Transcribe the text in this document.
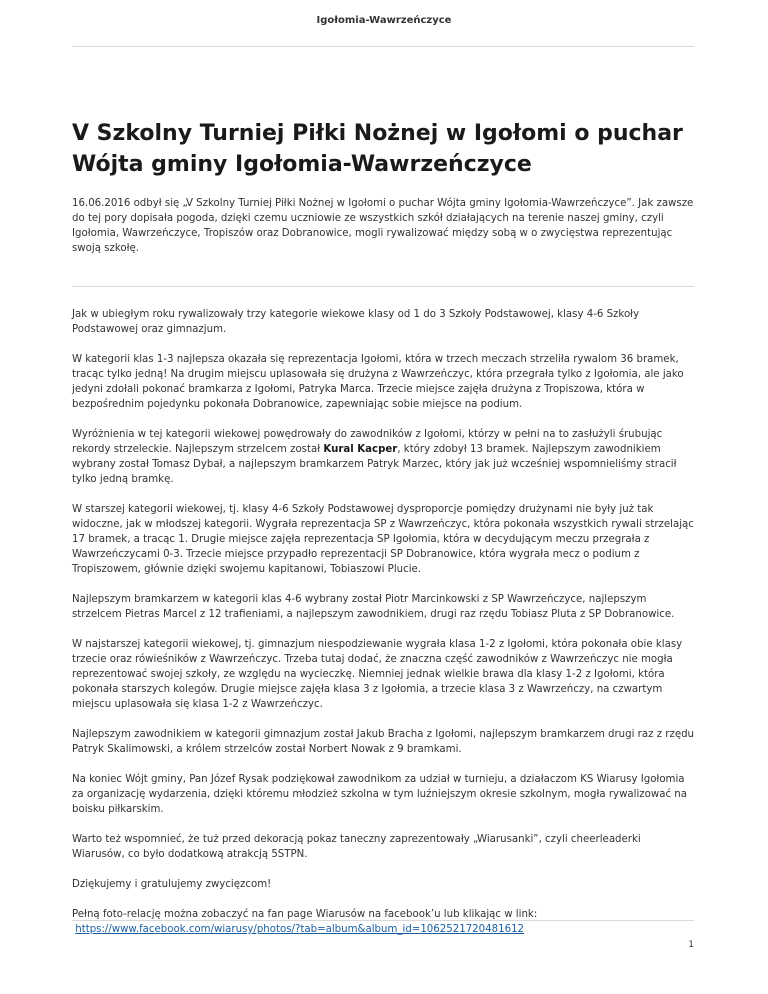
Igołomia-Wawrzeńczyce
V Szkolny Turniej Piłki Nożnej w Igołomi o puchar Wójta gminy Igołomia-Wawrzeńczyce

16.06.2016 odbył się „V Szkolny Turniej Piłki Nożnej w Igołomi o puchar Wójta gminy Igołomia-Wawrzeńczyce”. Jak zawsze do tej pory dopisała pogoda, dzięki czemu uczniowie ze wszystkich szkół działających na terenie naszej gminy, czyli Igołomia, Wawrzeńczyce, Tropiszów oraz Dobranowice, mogli rywalizować między sobą w o zwycięstwa reprezentując swoją szkołę.

Jak w ubiegłym roku rywalizowały trzy kategorie wiekowe klasy od 1 do 3 Szkoły Podstawowej, klasy 4-6 Szkoły Podstawowej oraz gimnazjum.

W kategorii klas 1-3 najlepsza okazała się reprezentacja Igołomi, która w trzech meczach strzeliła rywalom 36 bramek, tracąc tylko jedną! Na drugim miejscu uplasowała się drużyna z Wawrzeńczyc, która przegrała tylko z Igołomia, ale jako jedyni zdołali pokonać bramkarza z Igołomi, Patryka Marca. Trzecie miejsce zajęła drużyna z Tropiszowa, która w bezpośrednim pojedynku pokonała Dobranowice, zapewniając sobie miejsce na podium.

Wyróżnienia w tej kategorii wiekowej powędrowały do zawodników z Igołomi, którzy w pełni na to zasłużyli śrubując rekordy strzeleckie. Najlepszym strzelcem został Kural Kacper, który zdobył 13 bramek. Najlepszym zawodnikiem wybrany został Tomasz Dybał, a najlepszym bramkarzem Patryk Marzec, który jak już wcześniej wspomnieliśmy stracił tylko jedną bramkę.

W starszej kategorii wiekowej, tj. klasy 4-6 Szkoły Podstawowej dysproporcje pomiędzy drużynami nie były już tak widoczne, jak w młodszej kategorii. Wygrała reprezentacja SP z Wawrzeńczyc, która pokonała wszystkich rywali strzelając 17 bramek, a tracąc 1. Drugie miejsce zajęła reprezentacja SP Igołomia, która w decydującym meczu przegrała z Wawrzeńczycami 0-3. Trzecie miejsce przypadło reprezentacji SP Dobranowice, która wygrała mecz o podium z Tropiszowem, głównie dzięki swojemu kapitanowi, Tobiaszowi Plucie.

Najlepszym bramkarzem w kategorii klas 4-6 wybrany został Piotr Marcinkowski z SP Wawrzeńczyce, najlepszym strzelcem Pietras Marcel z 12 trafieniami, a najlepszym zawodnikiem, drugi raz rzędu Tobiasz Pluta z SP Dobranowice.

W najstarszej kategorii wiekowej, tj. gimnazjum niespodziewanie wygrała klasa 1-2 z Igołomi, która pokonała obie klasy trzecie oraz rówieśników z Wawrzeńczyc. Trzeba tutaj dodać, że znaczna część zawodników z Wawrzeńczyc nie mogła reprezentować swojej szkoły, ze względu na wycieczkę. Niemniej jednak wielkie brawa dla klasy 1-2 z Igołomi, która pokonała starszych kolegów. Drugie miejsce zajęła klasa 3 z Igołomia, a trzecie klasa 3 z Wawrzeńczy, na czwartym miejscu uplasowała się klasa 1-2 z Wawrzeńczyc.

Najlepszym zawodnikiem w kategorii gimnazjum został Jakub Bracha z Igołomi, najlepszym bramkarzem drugi raz z rzędu Patryk Skalimowski, a królem strzelców został Norbert Nowak z 9 bramkami.

Na koniec Wójt gminy, Pan Józef Rysak podziękował zawodnikom za udział w turnieju, a działaczom KS Wiarusy Igołomia za organizację wydarzenia, dzięki któremu młodzież szkolna w tym luźniejszym okresie szkolnym, mogła rywalizować na boisku piłkarskim.

Warto też wspomnieć, że tuż przed dekoracją pokaz taneczny zaprezentowały „Wiarusanki”, czyli cheerleaderki Wiarusów, co było dodatkową atrakcją 5STPN.

Dziękujemy i gratulujemy zwycięzcom!

Pełną foto-relację można zobaczyć na fan page Wiarusów na facebook’u lub klikając w link:
https://www.facebook.com/wiarusy/photos/?tab=album&album_id=1062521720481612

1
